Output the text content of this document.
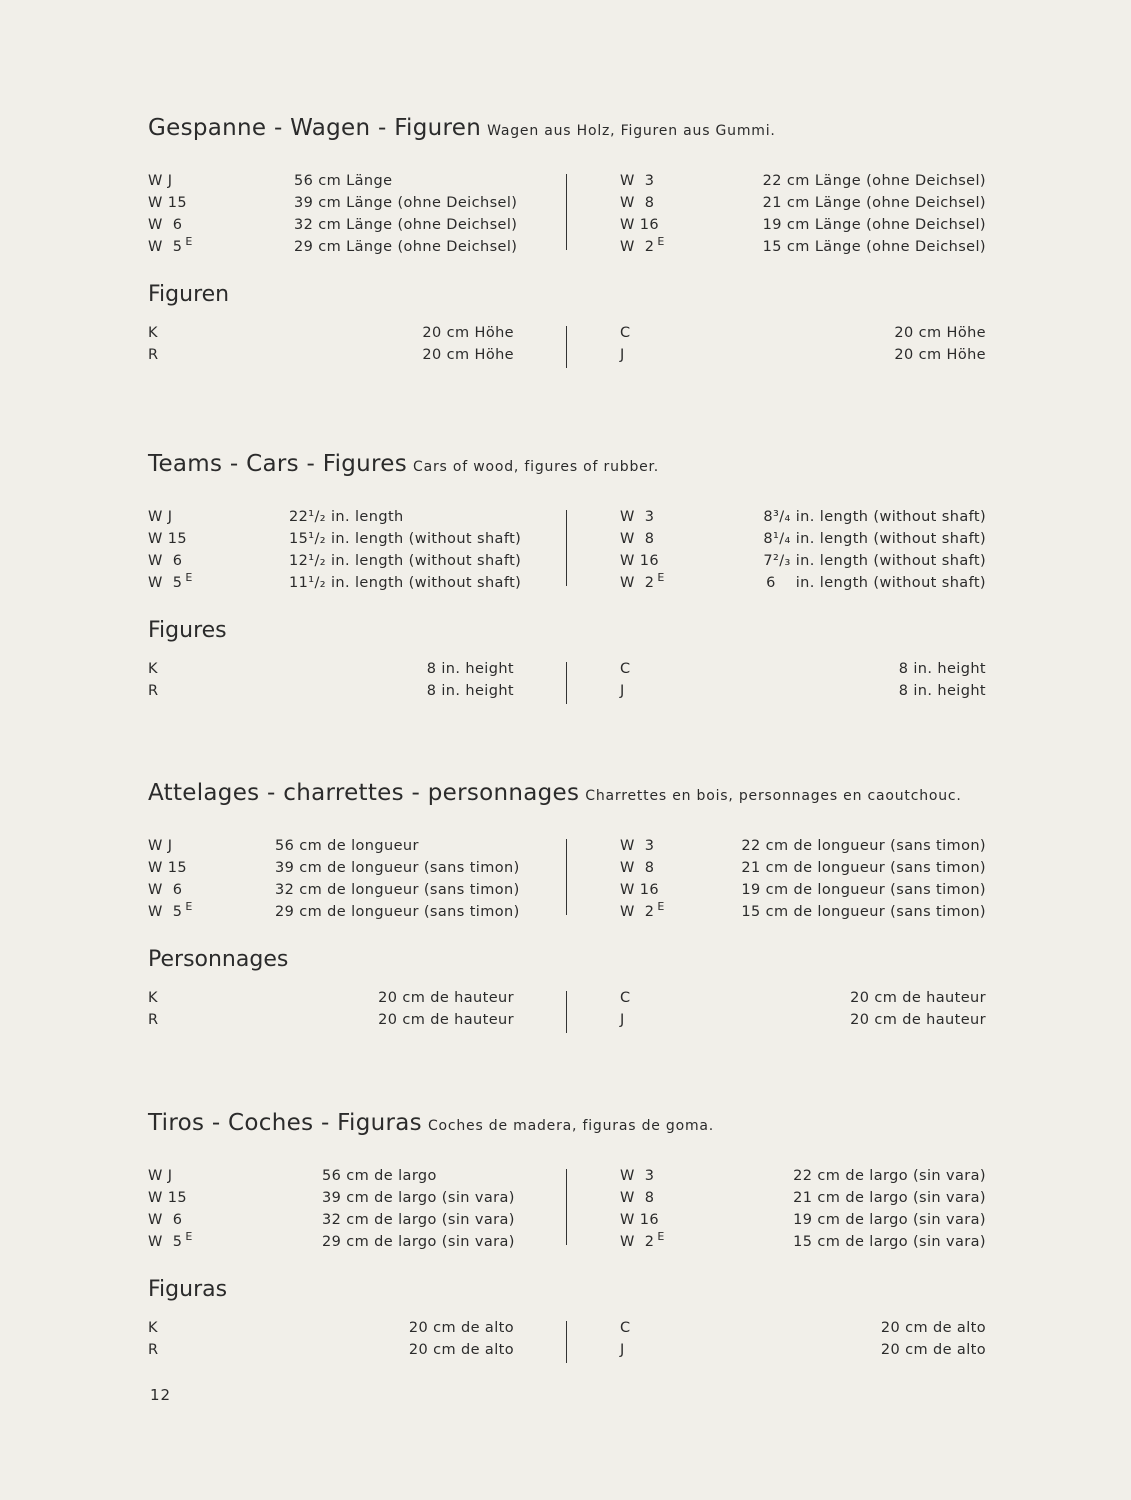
Gespanne - Wagen - Figuren Wagen aus Holz, Figuren aus Gummi.
W J	56 cm Länge	W  3	22 cm Länge (ohne Deichsel)
W 15	39 cm Länge (ohne Deichsel)	W  8	21 cm Länge (ohne Deichsel)
W  6	32 cm Länge (ohne Deichsel)	W 16	19 cm Länge (ohne Deichsel)
W  5 $^E$	29 cm Länge (ohne Deichsel)	W  2 $^E$	15 cm Länge (ohne Deichsel)
Figuren
K	20 cm Höhe	C	20 cm Höhe
R	20 cm Höhe	J	20 cm Höhe
Teams - Cars - Figures Cars of wood, figures of rubber.
W J	22¹/₂ in. length	W  3	8³/₄ in. length (without shaft)
W 15	15¹/₂ in. length (without shaft)	W  8	8¹/₄ in. length (without shaft)
W  6	12¹/₂ in. length (without shaft)	W 16	7²/₃ in. length (without shaft)
W  5 $^E$	11¹/₂ in. length (without shaft)	W  2 $^E$	6    in. length (without shaft)
Figures
K	8 in. height	C	8 in. height
R	8 in. height	J	8 in. height
Attelages - charrettes - personnages Charrettes en bois, personnages en caoutchouc.
W J	56 cm de longueur	W  3	22 cm de longueur (sans timon)
W 15	39 cm de longueur (sans timon)	W  8	21 cm de longueur (sans timon)
W  6	32 cm de longueur (sans timon)	W 16	19 cm de longueur (sans timon)
W  5 $^E$	29 cm de longueur (sans timon)	W  2 $^E$	15 cm de longueur (sans timon)
Personnages
K	20 cm de hauteur	C	20 cm de hauteur
R	20 cm de hauteur	J	20 cm de hauteur
Tiros - Coches - Figuras Coches de madera, figuras de goma.
W J	56 cm de largo	W  3	22 cm de largo (sin vara)
W 15	39 cm de largo (sin vara)	W  8	21 cm de largo (sin vara)
W  6	32 cm de largo (sin vara)	W 16	19 cm de largo (sin vara)
W  5 $^E$	29 cm de largo (sin vara)	W  2 $^E$	15 cm de largo (sin vara)
Figuras
K	20 cm de alto	C	20 cm de alto
R	20 cm de alto	J	20 cm de alto
12
